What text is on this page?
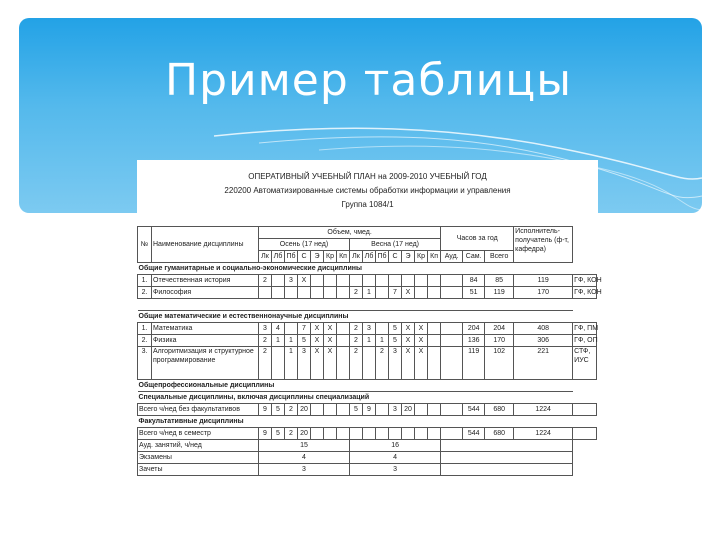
Пример таблицы
ОПЕРАТИВНЫЙ УЧЕБНЫЙ ПЛАН на 2009-2010 УЧЕБНЫЙ ГОД
220200 Автоматизированные системы обработки информации и управления
Группа 1084/1
№	Наименование дисциплины	Объем, чмед.														Часов за год			Исполнитель-получатель (ф-т, кафедра)	
		Осень (17 нед)							Весна (17 нед)											
		Лк	Лб	Пб	С	Э	Кр	Кп	Лк	Лб	Пб	С	Э	Кр	Кп	Ауд.	Сам.	Всего		
Общие гуманитарные и социально-экономические дисциплины																				
1.	Отечественная история	2		3	X												84	85	119	ГФ, КОН
2.	Философия								2	1		7	X				51	119	170	ГФ, КОН

Общие математические и естественнонаучные дисциплины																				
1.	Математика	3	4		7	X	X		2	3		5	X	X			204	204	408	ГФ, ПМ
2.	Физика	2	1	1	5	X	X		2	1	1	5	X	X			136	170	306	ГФ, ОП
3.	Алгоритмизация и структурное программирование	2		1	3	X	X		2		2	3	X	X			119	102	221	СТФ, ИУС
Общепрофессиональные дисциплины																				
Специальные дисциплины, включая дисциплины специализаций																				
Всего ч/нед без факультативов		9	5	2	20				5	9		3	20				544	680	1224	
Факультативные дисциплины																				
Всего ч/нед в семестр		9	5	2	20												544	680	1224	
Ауд. занятий, ч/нед		15							16											
Экзамены		4							4											
Зачеты		3							3											
